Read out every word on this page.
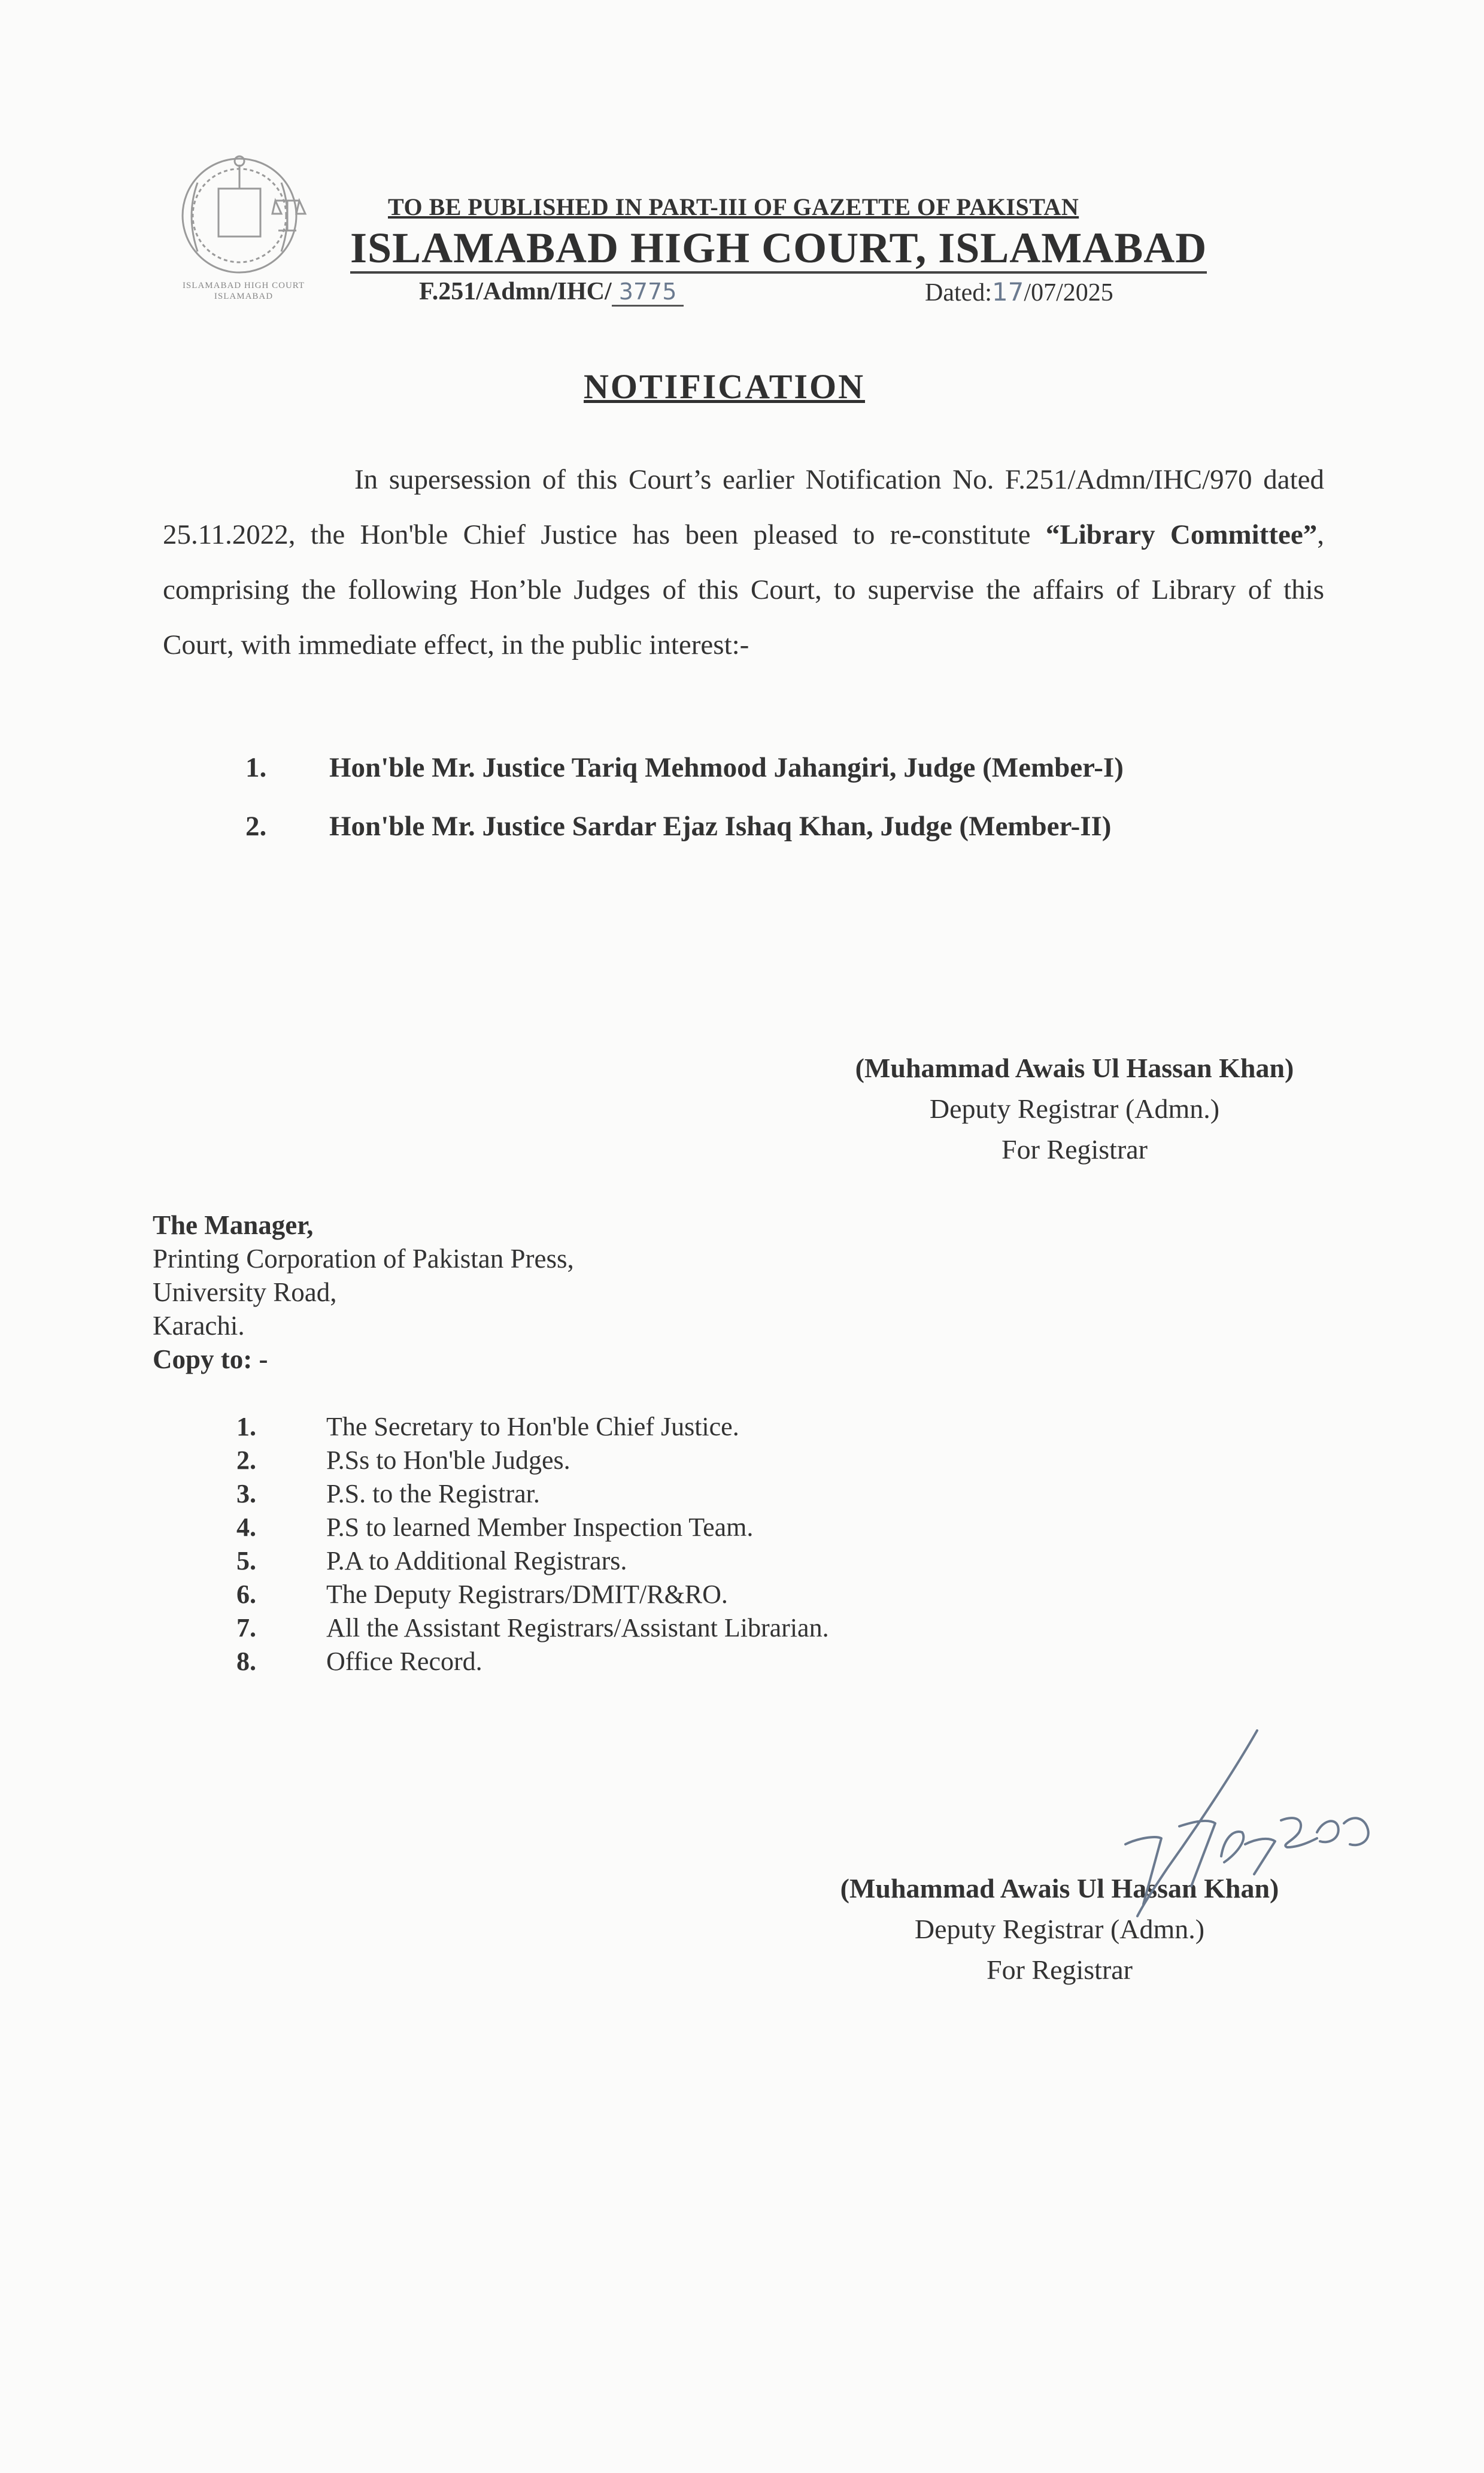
ISLAMABAD HIGH COURT ISLAMABAD
TO BE PUBLISHED IN PART-III OF GAZETTE OF PAKISTAN
ISLAMABAD HIGH COURT, ISLAMABAD
F.251/Admn/IHC/ 3775	Dated:17/07/2025
NOTIFICATION
In supersession of this Court’s earlier Notification No. F.251/Admn/IHC/970 dated 25.11.2022, the Hon'ble Chief Justice has been pleased to re-constitute “Library Committee”, comprising the following Hon’ble Judges of this Court, to supervise the affairs of Library of this Court, with immediate effect, in the public interest:-
1.	Hon'ble Mr. Justice Tariq Mehmood Jahangiri, Judge (Member-I)
2.	Hon'ble Mr. Justice Sardar Ejaz Ishaq Khan, Judge (Member-II)
(Muhammad Awais Ul Hassan Khan)
Deputy Registrar (Admn.)
For Registrar
The Manager,
Printing Corporation of Pakistan Press,
University Road,
Karachi.
Copy to: -
1.	The Secretary to Hon'ble Chief Justice.
2.	P.Ss to Hon'ble Judges.
3.	P.S. to the Registrar.
4.	P.S to learned Member Inspection Team.
5.	P.A to Additional Registrars.
6.	The Deputy Registrars/DMIT/R&RO.
7.	All the Assistant Registrars/Assistant Librarian.
8.	Office Record.
(Muhammad Awais Ul Hassan Khan)
Deputy Registrar (Admn.)
For Registrar
